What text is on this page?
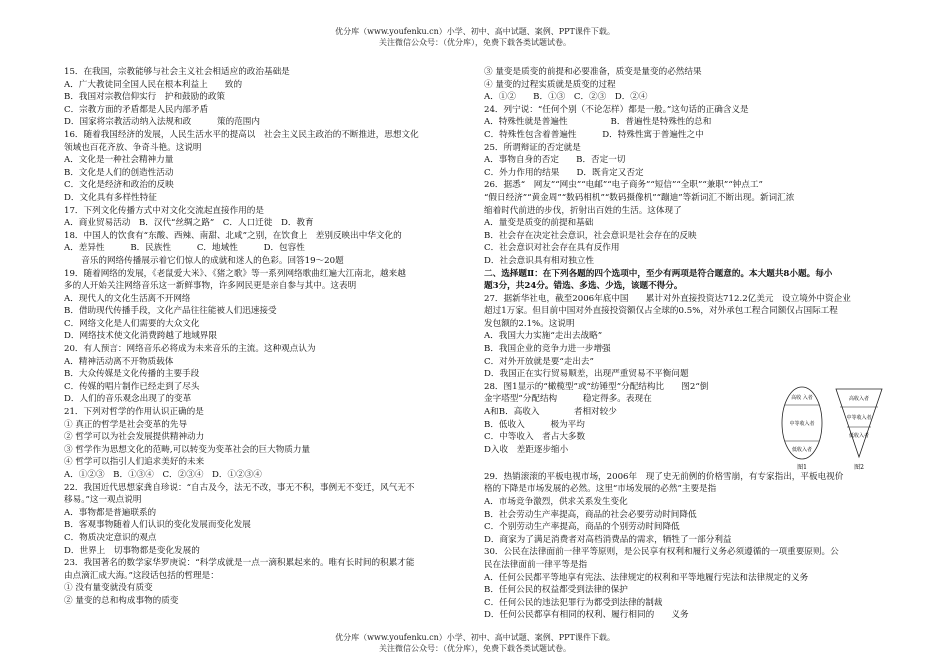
优分库（www.youfenku.cn）小学、初中、高中试题、案例、PPT课件下载。
关注微信公众号：（优分库），免费下载各类试题试卷。
15．在我国，宗教能够与社会主义社会相适应的政治基础是
A．广大教徒同全国人民在根本利益上　　致的
B．我国对宗教信仰实行　护和鼓励的政策
C．宗教方面的矛盾都是人民内部矛盾
D．国家将宗教活动纳入法规和政　　　策的范围内
16．随着我国经济的发展，人民生活水平的提高以　社会主义民主政治的不断推进，思想文化
领域也百花齐放、争奇斗艳。这说明
A．文化是一种社会精神力量
B．文化是人们的创造性活动
C．文化是经济和政治的反映
D．文化具有多样性特征
17．下列文化传播方式中对文化交流起直接作用的是
A．商业贸易活动　B．汉代“丝绸之路”　C．人口迁徙　D．教育
18．中国人的饮食有“东酸、西辣、南甜、北咸”之别，在饮食上　差别反映出中华文化的
A．差异性　　　B．民族性　　　C．地域性　　　D．包容性
　　音乐的网络传播展示着它们惊人的成就和迷人的色彩。回答19～20题
19．随着网络的发展，《老鼠爱大米》、《猪之歌》等一系列网络歌曲红遍大江南北，越来越
多的人开始关注网络音乐这一新鲜事物，许多网民更是亲自参与其中。这表明
A．现代人的文化生活离不开网络
B．借助现代传播手段，文化产品往往能被人们迅速接受
C．网络文化是人们需要的大众文化
D．网络技术使文化消费跨越了地域界限
20．有人预言：网络音乐必将成为未来音乐的主流。这种观点认为
A．精神活动离不开物质载体
B．大众传媒是文化传播的主要手段
C．传媒的唱片制作已经走到了尽头
D．人们的音乐观念出现了的变革
21．下列对哲学的作用认识正确的是
① 真正的哲学是社会变革的先导
② 哲学可以为社会发展提供精神动力
③ 哲学作为思想文化的范畴,可以转变为变革社会的巨大物质力量
④ 哲学可以指引人们追求美好的未来
A．①②③　B．①③④　C．②③④　D．①②③④
22．我国近代思想家龚自珍说：“自古及今，法无不改，事无不积，事例无不变迁，风气无不
移易。”这一观点说明
A．事物都是普遍联系的
B．客观事物随着人们认识的变化发展而变化发展
C．物质决定意识的观点
D．世界上　切事物都是变化发展的
23．我国著名的数学家华罗庚说：“科学成就是一点一滴积累起来的。唯有长时间的积累才能
由点滴汇成大海。”这段话包括的哲理是：
① 没有量变就没有质变
② 量变的总和构成事物的质变
③ 量变是质变的前提和必要准备，质变是量变的必然结果
④ 量变的过程实质就是质变的过程
A．①②　　B．①③　C．②③　D．②④
24．列宁说：“任何个别（不论怎样）都是一般。”这句话的正确含义是
A．特殊性就是普遍性　　　　　B．普遍性是特殊性的总和
C．特殊性包含着普遍性　　　D．特殊性寓于普遍性之中
25．所谓辩证的否定就是
A．事物自身的否定　　B．否定一切
C．外力作用的结果　　D．既肯定又否定
26．据悉“　网友”“网虫”“电邮”“电子商务”“短信”“全职”“兼职”“钟点工”
“假日经济”“黄金周”“数码相机”“数码摄像机”“蹦迪”等新词汇不断出现。新词汇浓
缩着时代前进的步伐，折射出百姓的生活。这体现了
A．量变是质变的前提和基础
B．社会存在决定社会意识，社会意识是社会存在的反映
C．社会意识对社会存在具有反作用
D．社会意识具有相对独立性
二、选择题Ⅱ：在下列各题的四个选项中，至少有两项是符合题意的。本大题共8小题。每小
题3分，共24分。错选、多选、少选，该题不得分。
27．据新华社电，截至2006年底中国　　累计对外直接投资达712.2亿美元　设立境外中资企业
超过1万家。但目前中国对外直接投资额仅占全球的0.5%，对外承包工程合同额仅占国际工程
发包额的2.1%。这说明
A．我国大力实施“走出去战略”
B．我国企业的竞争力进一步增强
C．对外开放就是要“走出去”
D．我国正在实行贸易顺差，出现严重贸易不平衡问题
28．图1显示的“橄榄型”或“纺锤型”分配结构比　　图2“倒
金字塔型”分配结构　　　稳定得多。表现在
A和B．高收入　　　　者相对较少
B．低收入　　　极为平均
C．中等收入　者占大多数
D入收　差距逐步缩小
高收 入者
中等收入者
低收入者
图1
高收入者
中等收入者
低收入者
图2
29．热销滚滚的平板电视市场，2006年　现了史无前例的价格雪崩，有专家指出，平板电视价
格的下降是市场发展的必然。这里“市场发展的必然”主要是指
A．市场竞争激烈，供求关系发生变化
B．社会劳动生产率提高，商品的社会必要劳动时间降低
C．个别劳动生产率提高，商品的个别劳动时间降低
D．商家为了满足消费者对高档消费品的需求，牺牲了一部分利益
30．公民在法律面前一律平等原则，是公民享有权利和履行义务必须遵循的一项重要原则。公
民在法律面前一律平等是指
A．任何公民都平等地享有宪法、法律规定的权利和平等地履行宪法和法律规定的义务
B．任何公民的权益都受到法律的保护
C．任何公民的违法犯罪行为都受到法律的制裁
D．任何公民都享有相同的权利、履行相同的　　义务
优分库（www.youfenku.cn）小学、初中、高中试题、案例、PPT课件下载。
关注微信公众号：（优分库），免费下载各类试题试卷。
